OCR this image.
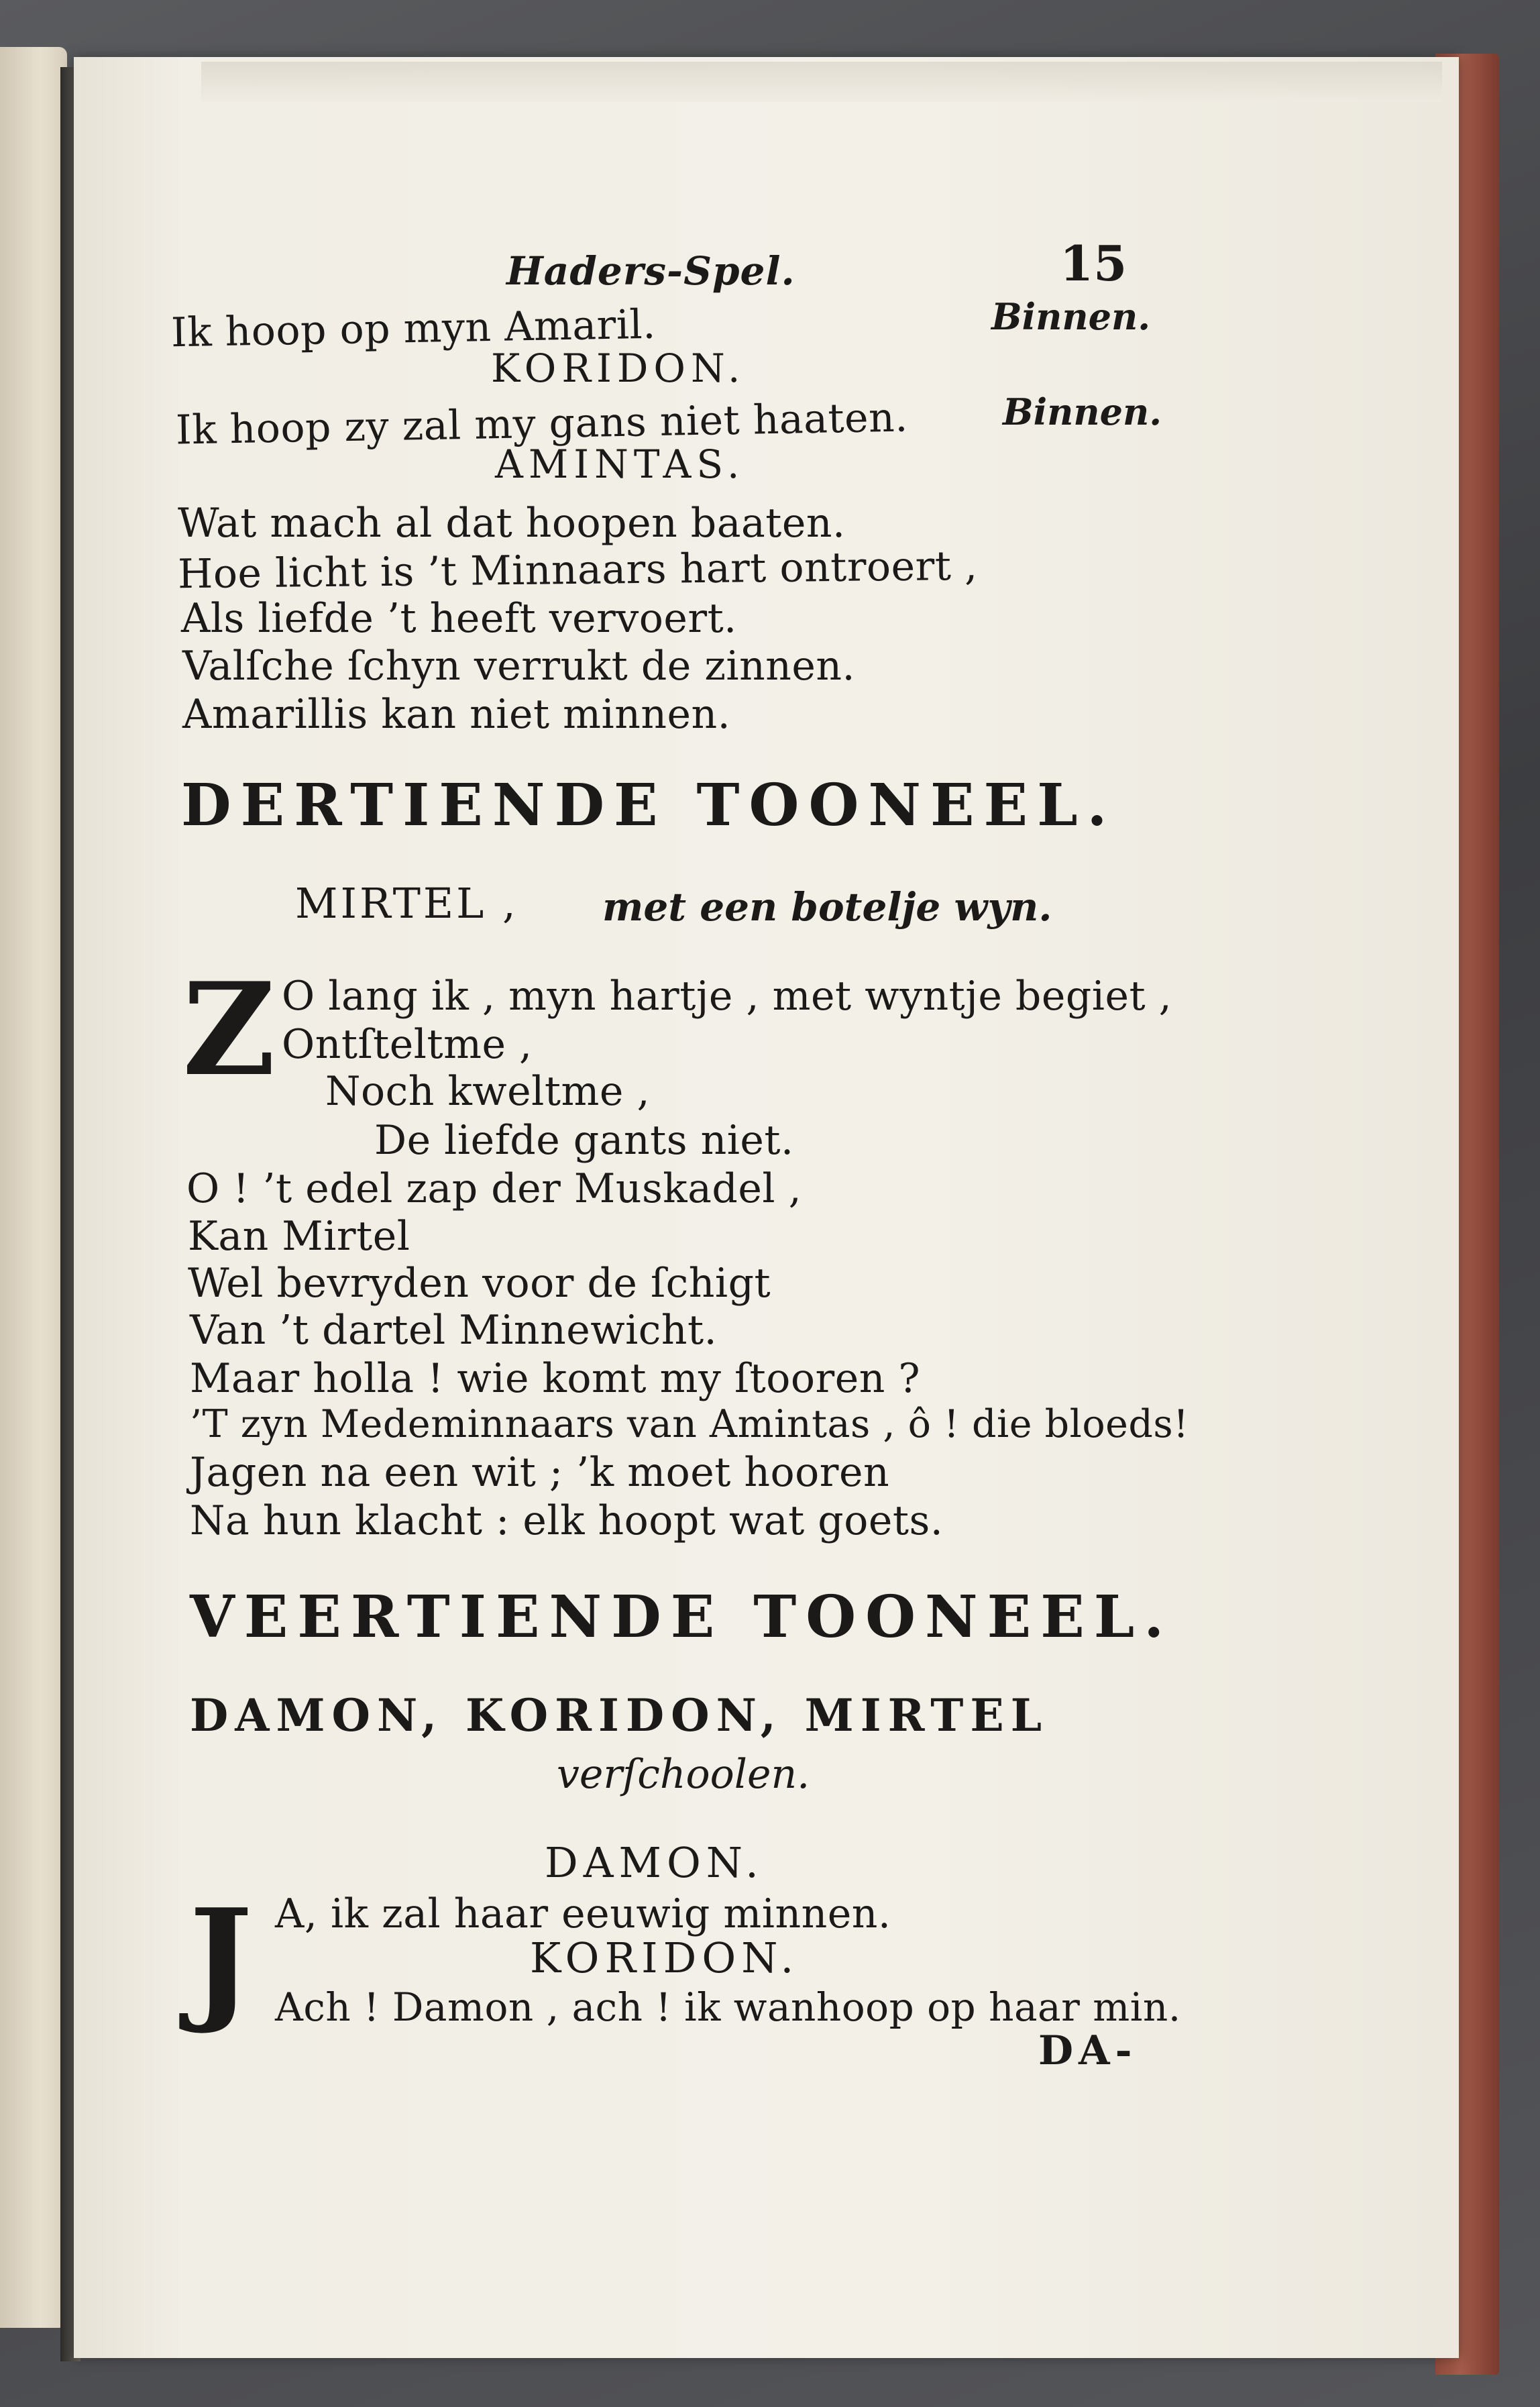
Haders-Spel.	15
Binnen.
Ik hoop op myn Amaril.
KORIDON.
Ik hoop zy zal my gans niet haaten.	Binnen.
AMINTAS.
Wat mach al dat hoopen baaten.
Hoe licht is ’t Minnaars hart ontroert ,
Als liefde ’t heeft vervoert.
Valſche ſchyn verrukt de zinnen.
Amarillis kan niet minnen.
DERTIENDE TOONEEL.
MIRTEL , met een botelje wyn.
Z O lang ik , myn hartje , met wyntje begiet ,
Ontſteltme ,
Noch kweltme ,
De liefde gants niet.
O ! ’t edel zap der Muskadel ,
Kan Mirtel
Wel bevryden voor de ſchigt
Van ’t dartel Minnewicht.
Maar holla ! wie komt my ſtooren ?
’T zyn Medeminnaars van Amintas , ô ! die bloeds!
Jagen na een wit ; ’k moet hooren
Na hun klacht : elk hoopt wat goets.
VEERTIENDE TOONEEL.
DAMON, KORIDON, MIRTEL
verſchoolen.
DAMON.
J A, ik zal haar eeuwig minnen.
KORIDON.
Ach ! Damon , ach ! ik wanhoop op haar min.
DA-
